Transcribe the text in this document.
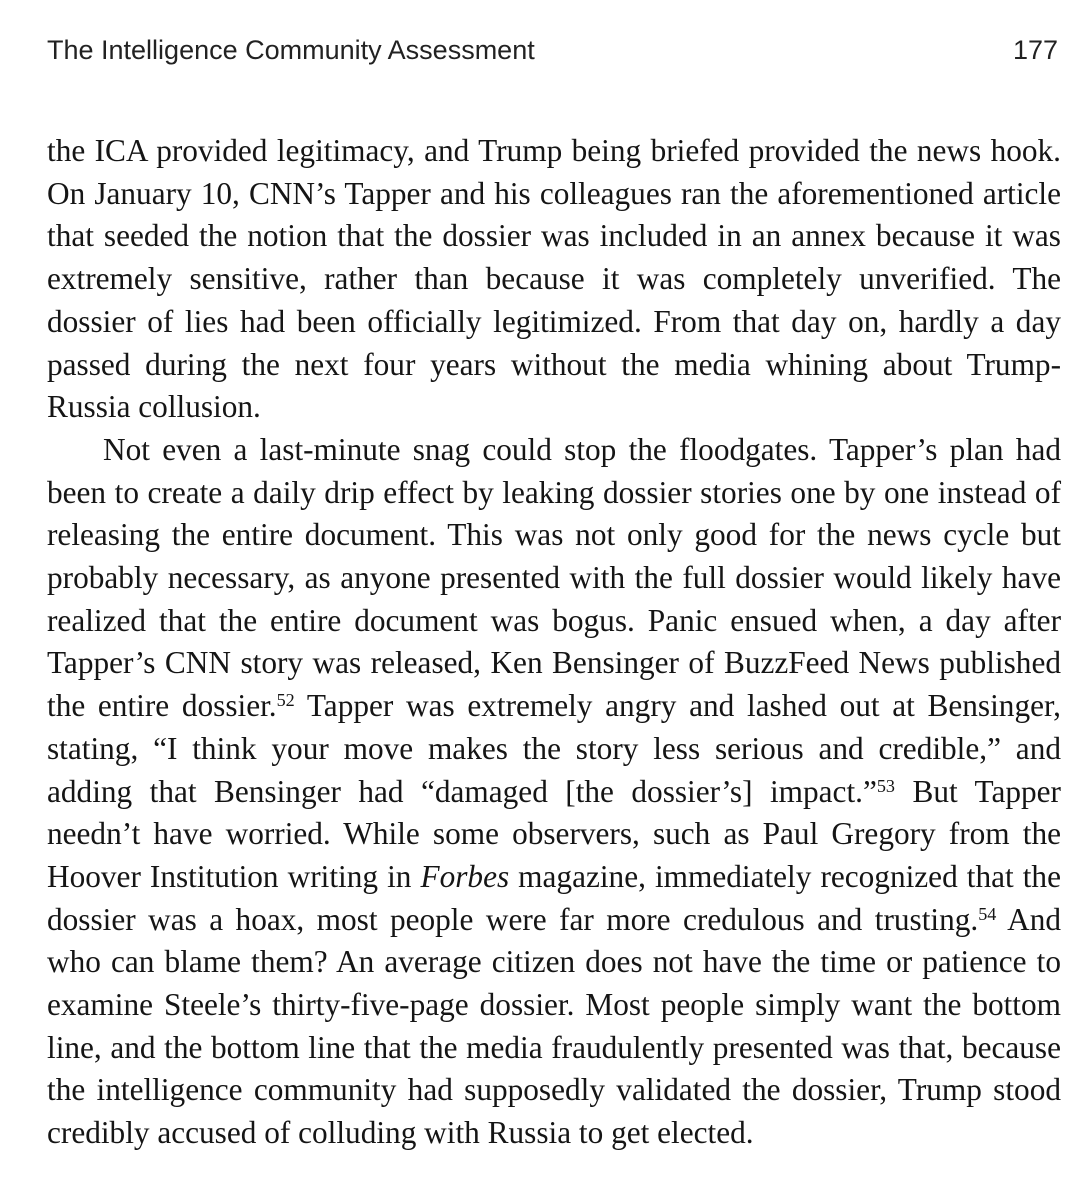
The Intelligence Community Assessment	177

the ICA provided legitimacy, and Trump being briefed provided the news hook. On January 10, CNN’s Tapper and his colleagues ran the aforementioned article that seeded the notion that the dossier was included in an annex because it was extremely sensitive, rather than because it was completely unverified. The dossier of lies had been officially legitimized. From that day on, hardly a day passed during the next four years without the media whining about Trump-Russia collusion.

Not even a last-minute snag could stop the floodgates. Tapper’s plan had been to create a daily drip effect by leaking dossier stories one by one instead of releasing the entire document. This was not only good for the news cycle but probably necessary, as anyone presented with the full dossier would likely have realized that the entire document was bogus. Panic ensued when, a day after Tapper’s CNN story was released, Ken Bensinger of BuzzFeed News published the entire dossier.$^{52}$ Tapper was extremely angry and lashed out at Bensinger, stating, “I think your move makes the story less serious and credible,” and adding that Bensinger had “damaged [the dossier’s] impact.”$^{53}$ But Tapper needn’t have worried. While some observers, such as Paul Gregory from the Hoover Institution writing in Forbes magazine, immediately recognized that the dossier was a hoax, most people were far more credulous and trusting.$^{54}$ And who can blame them? An average citizen does not have the time or patience to examine Steele’s thirty-five-page dossier. Most people simply want the bottom line, and the bottom line that the media fraudulently presented was that, because the intelligence community had supposedly validated the dossier, Trump stood credibly accused of colluding with Russia to get elected.
